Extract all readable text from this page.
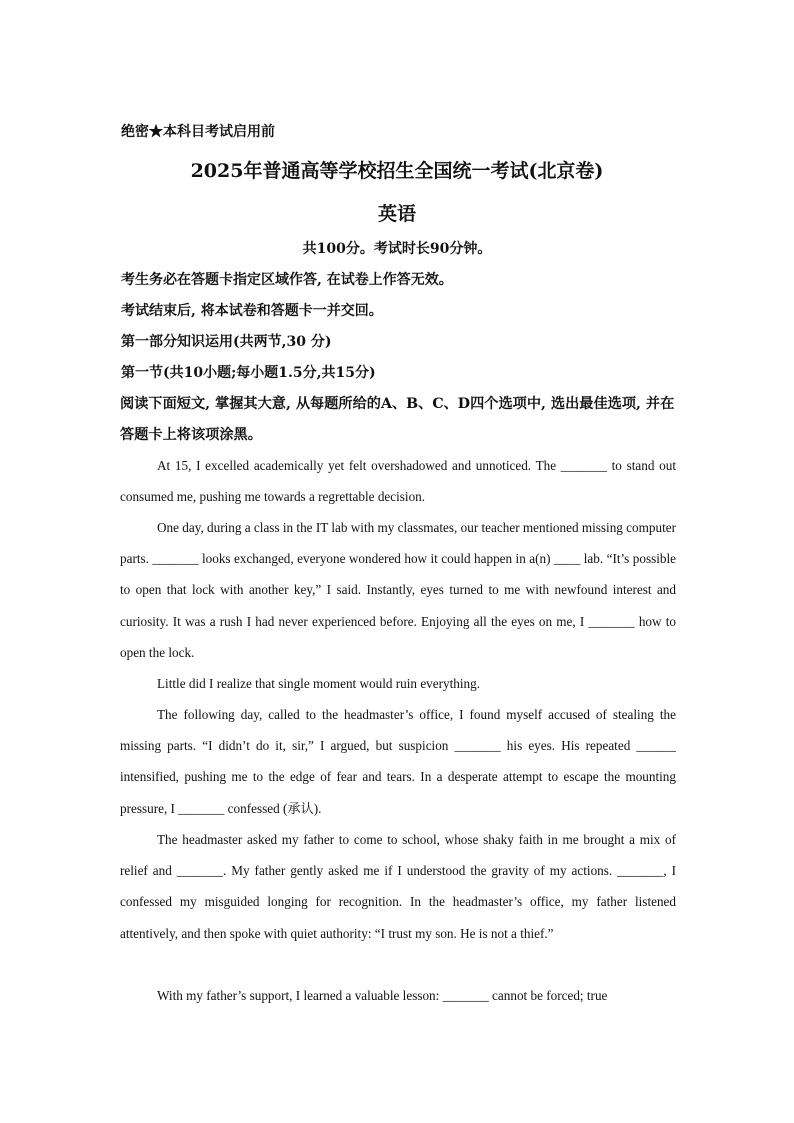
绝密★本科目考试启用前
2025年普通高等学校招生全国统一考试(北京卷)
英语
共100分。考试时长90分钟。
考生务必在答题卡指定区域作答, 在试卷上作答无效。
考试结束后, 将本试卷和答题卡一并交回。
第一部分知识运用(共两节,30 分)
第一节(共10小题;每小题1.5分,共15分)
阅读下面短文, 掌握其大意, 从每题所给的A、B、C、D四个选项中, 选出最佳选项, 并在答题卡上将该项涂黑。
At 15, I excelled academically yet felt overshadowed and unnoticed. The _______ to stand out consumed me, pushing me towards a regrettable decision.
One day, during a class in the IT lab with my classmates, our teacher mentioned missing computer parts. _______ looks exchanged, everyone wondered how it could happen in a(n) ____ lab. “It’s possible to open that lock with another key,” I said. Instantly, eyes turned to me with newfound interest and curiosity. It was a rush I had never experienced before. Enjoying all the eyes on me, I _______ how to open the lock.
Little did I realize that single moment would ruin everything.
The following day, called to the headmaster’s office, I found myself accused of stealing the missing parts. “I didn’t do it, sir,” I argued, but suspicion _______ his eyes. His repeated ______ intensified, pushing me to the edge of fear and tears. In a desperate attempt to escape the mounting pressure, I _______ confessed (承认).
The headmaster asked my father to come to school, whose shaky faith in me brought a mix of relief and _______. My father gently asked me if I understood the gravity of my actions. _______, I confessed my misguided longing for recognition. In the headmaster’s office, my father listened attentively, and then spoke with quiet authority: “I trust my son. He is not a thief.”
With my father’s support, I learned a valuable lesson: _______ cannot be forced; true
